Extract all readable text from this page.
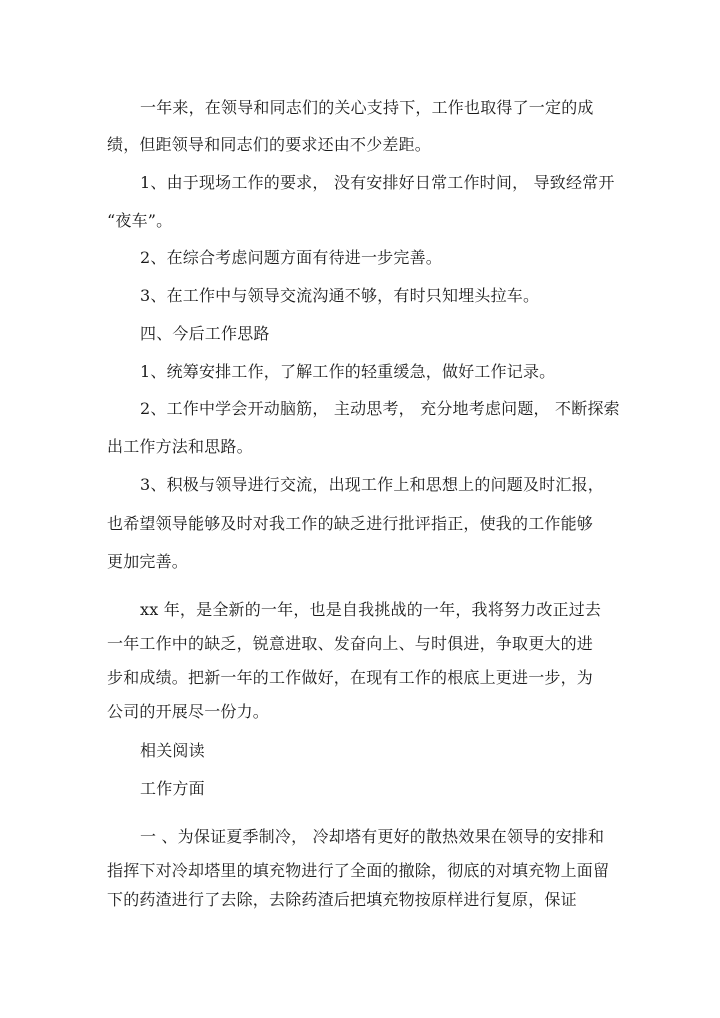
一年来，在领导和同志们的关心支持下，工作也取得了一定的成
绩，但距领导和同志们的要求还由不少差距。
1、由于现场工作的要求， 没有安排好日常工作时间， 导致经常开
“夜车”。
2、在综合考虑问题方面有待进一步完善。
3、在工作中与领导交流沟通不够，有时只知埋头拉车。
四、今后工作思路
1、统筹安排工作，了解工作的轻重缓急，做好工作记录。
2、工作中学会开动脑筋， 主动思考， 充分地考虑问题， 不断探索
出工作方法和思路。
3、积极与领导进行交流，出现工作上和思想上的问题及时汇报，
也希望领导能够及时对我工作的缺乏进行批评指正，使我的工作能够
更加完善。
xx 年，是全新的一年，也是自我挑战的一年，我将努力改正过去
一年工作中的缺乏，锐意进取、发奋向上、与时俱进，争取更大的进
步和成绩。把新一年的工作做好，在现有工作的根底上更进一步，为
公司的开展尽一份力。
相关阅读
工作方面
一 、为保证夏季制冷， 冷却塔有更好的散热效果在领导的安排和
指挥下对冷却塔里的填充物进行了全面的撤除，彻底的对填充物上面留
下的药渣进行了去除，去除药渣后把填充物按原样进行复原，保证
